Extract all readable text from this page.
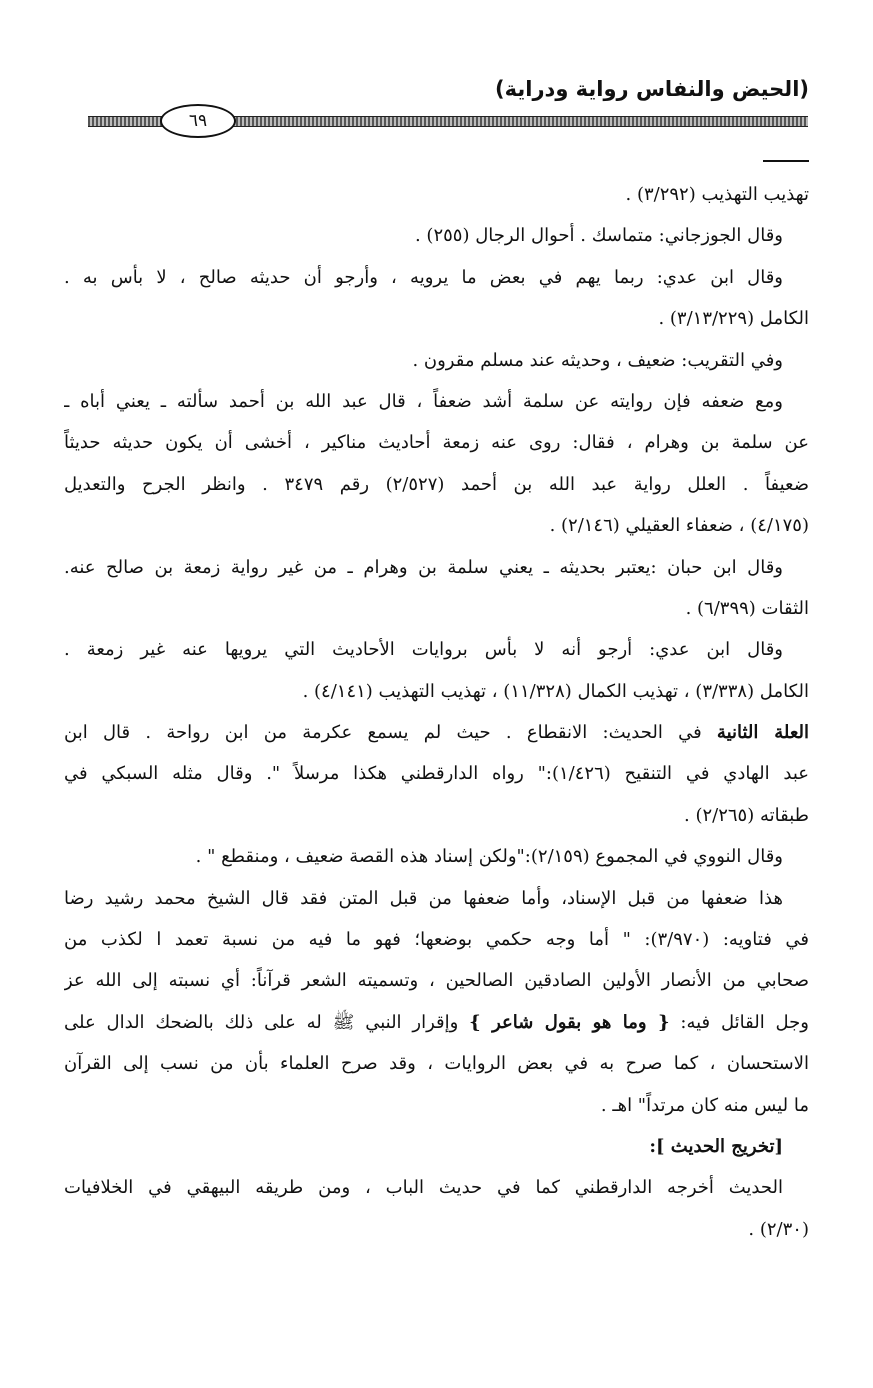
(الحيض والنفاس رواية ودراية)
٦٩
تهذيب التهذيب (٣/٢٩٢) .
وقال الجوزجاني: متماسك . أحوال الرجال (٢٥٥) .
وقال ابن عدي: ربما يهم في بعض ما يرويه ، وأرجو أن حديثه صالح ، لا بأس به .
الكامل (٣/١٣/٢٢٩) .
وفي التقريب: ضعيف ، وحديثه عند مسلم مقرون .
ومع ضعفه فإن روايته عن سلمة أشد ضعفاً ، قال عبد الله بن أحمد سألته ـ يعني أباه ـ
عن سلمة بن وهرام ، فقال: روى عنه زمعة أحاديث مناكير ، أخشى أن يكون حديثه حديثاً
ضعيفاً . العلل رواية عبد الله بن أحمد (٢/٥٢٧) رقم ٣٤٧٩ . وانظر الجرح والتعديل
(٤/١٧٥) ، ضعفاء العقيلي (٢/١٤٦) .
وقال ابن حبان :يعتبر بحديثه ـ يعني سلمة بن وهرام ـ من غير رواية زمعة بن صالح عنه.
الثقات (٦/٣٩٩) .
وقال ابن عدي: أرجو أنه لا بأس بروايات الأحاديث التي يرويها عنه غير زمعة .
الكامل (٣/٣٣٨) ، تهذيب الكمال (١١/٣٢٨) ، تهذيب التهذيب (٤/١٤١) .
العلة الثانية في الحديث: الانقطاع . حيث لم يسمع عكرمة من ابن رواحة . قال ابن
عبد الهادي في التنقيح (١/٤٢٦):" رواه الدارقطني هكذا مرسلاً ". وقال مثله السبكي في
طبقاته (٢/٢٦٥) .
وقال النووي في المجموع (٢/١٥٩):"ولكن إسناد هذه القصة ضعيف ، ومنقطع " .
هذا ضعفها من قبل الإسناد، وأما ضعفها من قبل المتن فقد قال الشيخ محمد رشيد رضا
في فتاويه: (٣/٩٧٠): " أما وجه حكمي بوضعها؛ فهو ما فيه من نسبة تعمد ا لكذب من
صحابي من الأنصار الأولين الصادقين الصالحين ، وتسميته الشعر قرآناً: أي نسبته إلى الله عز
وجل القائل فيه: { وما هو بقول شاعر } وإقرار النبي ﷺ له على ذلك بالضحك الدال على
الاستحسان ، كما صرح به في بعض الروايات ، وقد صرح العلماء بأن من نسب إلى القرآن
ما ليس منه كان مرتداً" اهـ .
[تخريج الحديث ]:
الحديث أخرجه الدارقطني كما في حديث الباب ، ومن طريقه البيهقي في الخلافيات
(٢/٣٠) .
